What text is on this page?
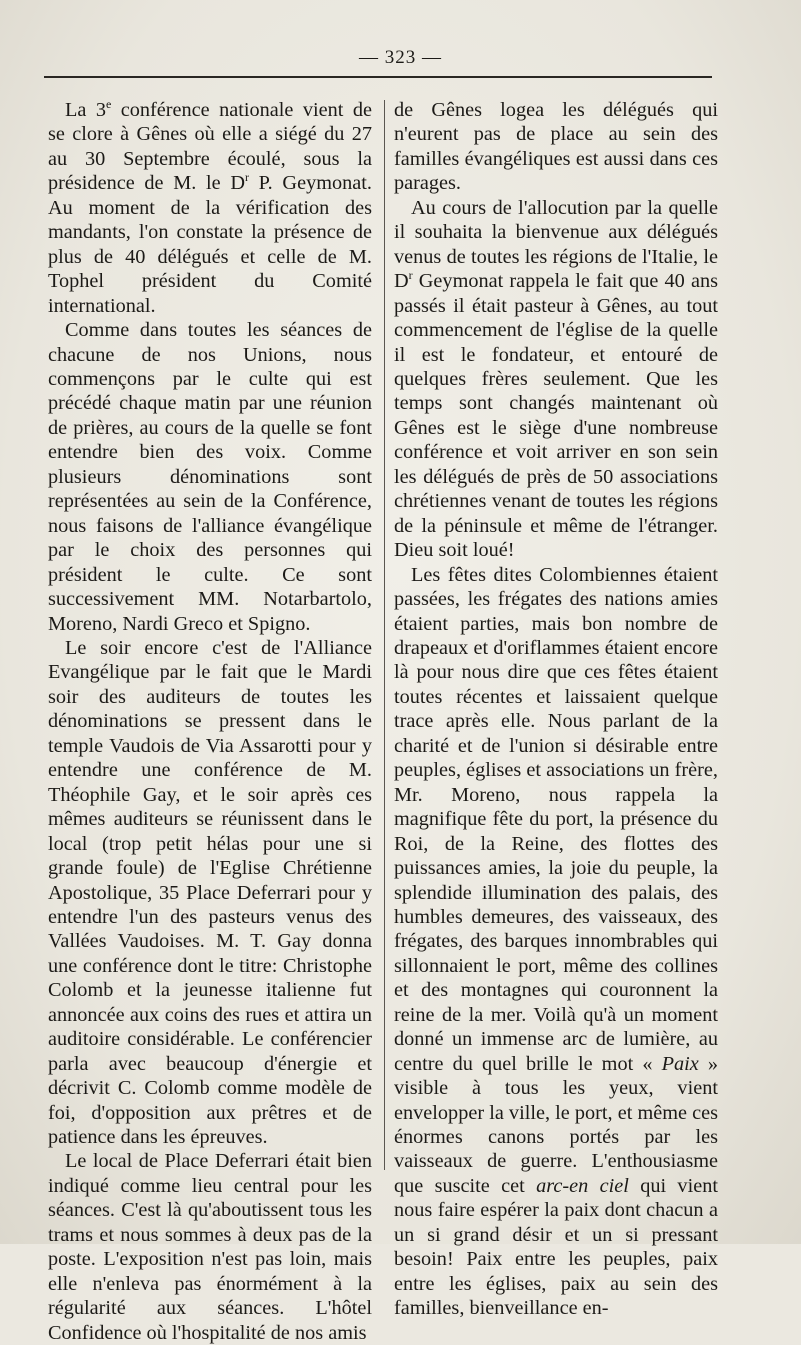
— 323 —

La 3e conférence nationale vient de se clore à Gênes où elle a siégé du 27 au 30 Septembre écoulé, sous la présidence de M. le $D^r$ P. Geymonat. Au moment de la vérification des mandants, l'on constate la présence de plus de 40 délégués et celle de M. Tophel président du Comité international.

Comme dans toutes les séances de chacune de nos Unions, nous commençons par le culte qui est précédé chaque matin par une réunion de prières, au cours de la quelle se font entendre bien des voix. Comme plusieurs dénominations sont représentées au sein de la Conférence, nous faisons de l'alliance évangélique par le choix des personnes qui président le culte. Ce sont successivement MM. Notarbartolo, Moreno, Nardi Greco et Spigno.

Le soir encore c'est de l'Alliance Evangélique par le fait que le Mardi soir des auditeurs de toutes les dénominations se pressent dans le temple Vaudois de Via Assarotti pour y entendre une conférence de M. Théophile Gay, et le soir après ces mêmes auditeurs se réunissent dans le local (trop petit hélas pour une si grande foule) de l'Eglise Chrétienne Apostolique, 35 Place Deferrari pour y entendre l'un des pasteurs venus des Vallées Vaudoises. M. T. Gay donna une conférence dont le titre: Christophe Colomb et la jeunesse italienne fut annoncée aux coins des rues et attira un auditoire considérable. Le conférencier parla avec beaucoup d'énergie et décrivit C. Colomb comme modèle de foi, d'opposition aux prêtres et de patience dans les épreuves.

Le local de Place Deferrari était bien indiqué comme lieu central pour les séances. C'est là qu'aboutissent tous les trams et nous sommes à deux pas de la poste. L'exposition n'est pas loin, mais elle n'enleva pas énormément à la régularité aux séances. L'hôtel Confidence où l'hospitalité de nos amis

de Gênes logea les délégués qui n'eurent pas de place au sein des familles évangéliques est aussi dans ces parages.

Au cours de l'allocution par la quelle il souhaita la bienvenue aux délégués venus de toutes les régions de l'Italie, le $D^r$ Geymonat rappela le fait que 40 ans passés il était pasteur à Gênes, au tout commencement de l'église de la quelle il est le fondateur, et entouré de quelques frères seulement. Que les temps sont changés maintenant où Gênes est le siège d'une nombreuse conférence et voit arriver en son sein les délégués de près de 50 associations chrétiennes venant de toutes les régions de la péninsule et même de l'étranger. Dieu soit loué!

Les fêtes dites Colombiennes étaient passées, les frégates des nations amies étaient parties, mais bon nombre de drapeaux et d'oriflammes étaient encore là pour nous dire que ces fêtes étaient toutes récentes et laissaient quelque trace après elle. Nous parlant de la charité et de l'union si désirable entre peuples, églises et associations un frère, Mr. Moreno, nous rappela la magnifique fête du port, la présence du Roi, de la Reine, des flottes des puissances amies, la joie du peuple, la splendide illumination des palais, des humbles demeures, des vaisseaux, des frégates, des barques innombrables qui sillonnaient le port, même des collines et des montagnes qui couronnent la reine de la mer. Voilà qu'à un moment donné un immense arc de lumière, au centre du quel brille le mot « Paix » visible à tous les yeux, vient envelopper la ville, le port, et même ces énormes canons portés par les vaisseaux de guerre. L'enthousiasme que suscite cet arc-en ciel qui vient nous faire espérer la paix dont chacun a un si grand désir et un si pressant besoin! Paix entre les peuples, paix entre les églises, paix au sein des familles, bienveillance en-
